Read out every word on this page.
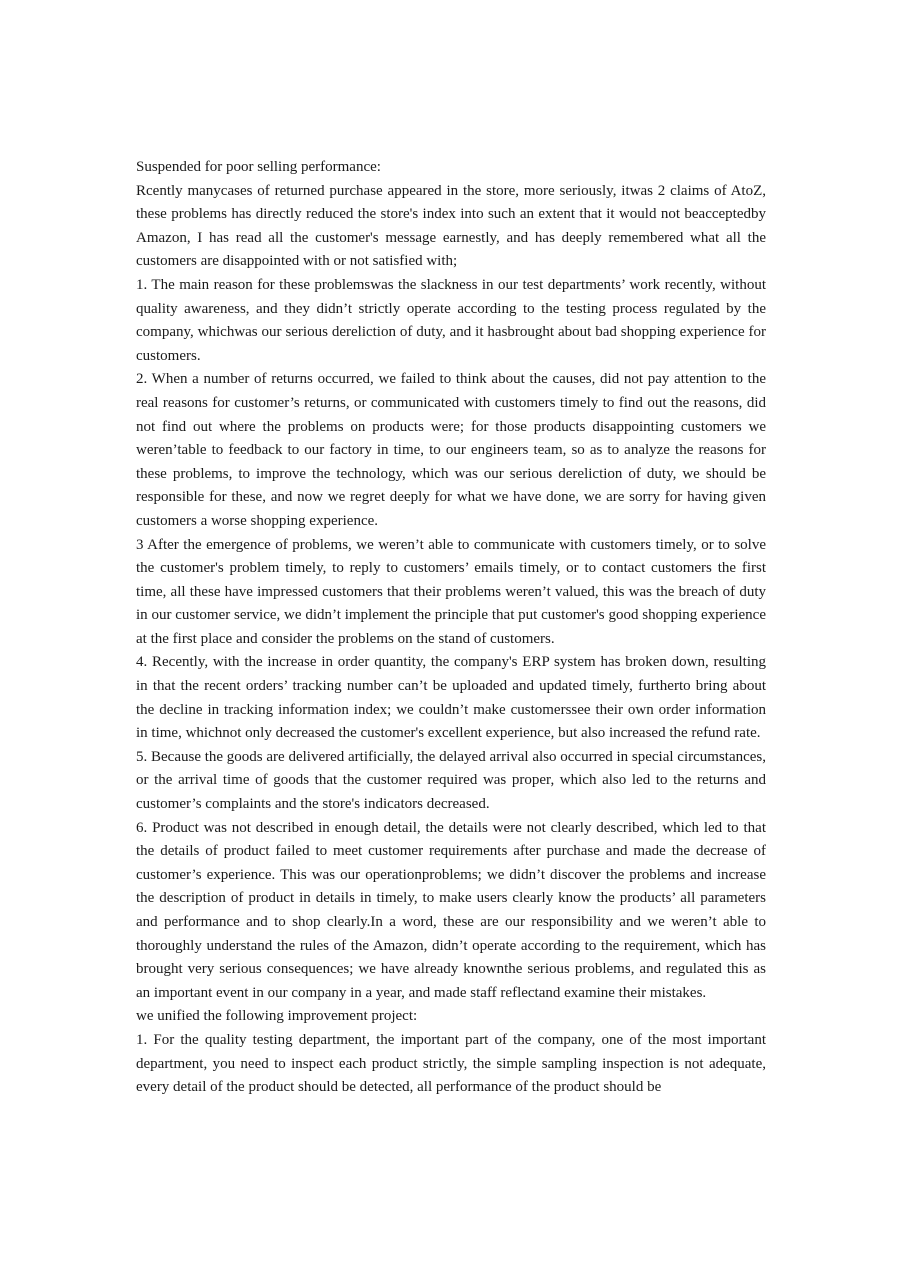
Suspended for poor selling performance:

Rcently manycases of returned purchase appeared in the store, more seriously, itwas 2 claims of AtoZ, these problems has directly reduced the store's index into such an extent that it would not beacceptedby Amazon, I has read all the customer's message earnestly, and has deeply remembered what all the customers are disappointed with or not satisfied with;

1. The main reason for these problemswas the slackness in our test departments’ work recently, without quality awareness, and they didn’t strictly operate according to the testing process regulated by the company, whichwas our serious dereliction of duty, and it hasbrought about bad shopping experience for customers.

2. When a number of returns occurred, we failed to think about the causes, did not pay attention to the real reasons for customer’s returns, or communicated with customers timely to find out the reasons, did not find out where the problems on products were; for those products disappointing customers we weren’table to feedback to our factory in time, to our engineers team, so as to analyze the reasons for these problems, to improve the technology, which was our serious dereliction of duty, we should be responsible for these, and now we regret deeply for what we have done, we are sorry for having given customers a worse shopping experience.

3 After the emergence of problems, we weren’t able to communicate with customers timely, or to solve the customer's problem timely, to reply to customers’ emails timely, or to contact customers the first time, all these have impressed customers that their problems weren’t valued, this was the breach of duty in our customer service, we didn’t implement the principle that put customer's good shopping experience at the first place and consider the problems on the stand of customers.

4. Recently, with the increase in order quantity, the company's ERP system has broken down, resulting in that the recent orders’ tracking number can’t be uploaded and updated timely, furtherto bring about the decline in tracking information index; we couldn’t make customerssee their own order information in time, whichnot only decreased the customer's excellent experience, but also increased the refund rate.

5. Because the goods are delivered artificially, the delayed arrival also occurred in special circumstances, or the arrival time of goods that the customer required was proper, which also led to the returns and customer’s complaints and the store's indicators decreased.

6. Product was not described in enough detail, the details were not clearly described, which led to that the details of product failed to meet customer requirements after purchase and made the decrease of customer’s experience. This was our operationproblems; we didn’t discover the problems and increase the description of product in details in timely, to make users clearly know the products’ all parameters and performance and to shop clearly.In a word, these are our responsibility and we weren’t able to thoroughly understand the rules of the Amazon, didn’t operate according to the requirement, which has brought very serious consequences; we have already knownthe serious problems, and regulated this as an important event in our company in a year, and made staff reflectand examine their mistakes.

we unified the following improvement project:

1. For the quality testing department, the important part of the company, one of the most important department, you need to inspect each product strictly, the simple sampling inspection is not adequate, every detail of the product should be detected, all performance of the product should be
